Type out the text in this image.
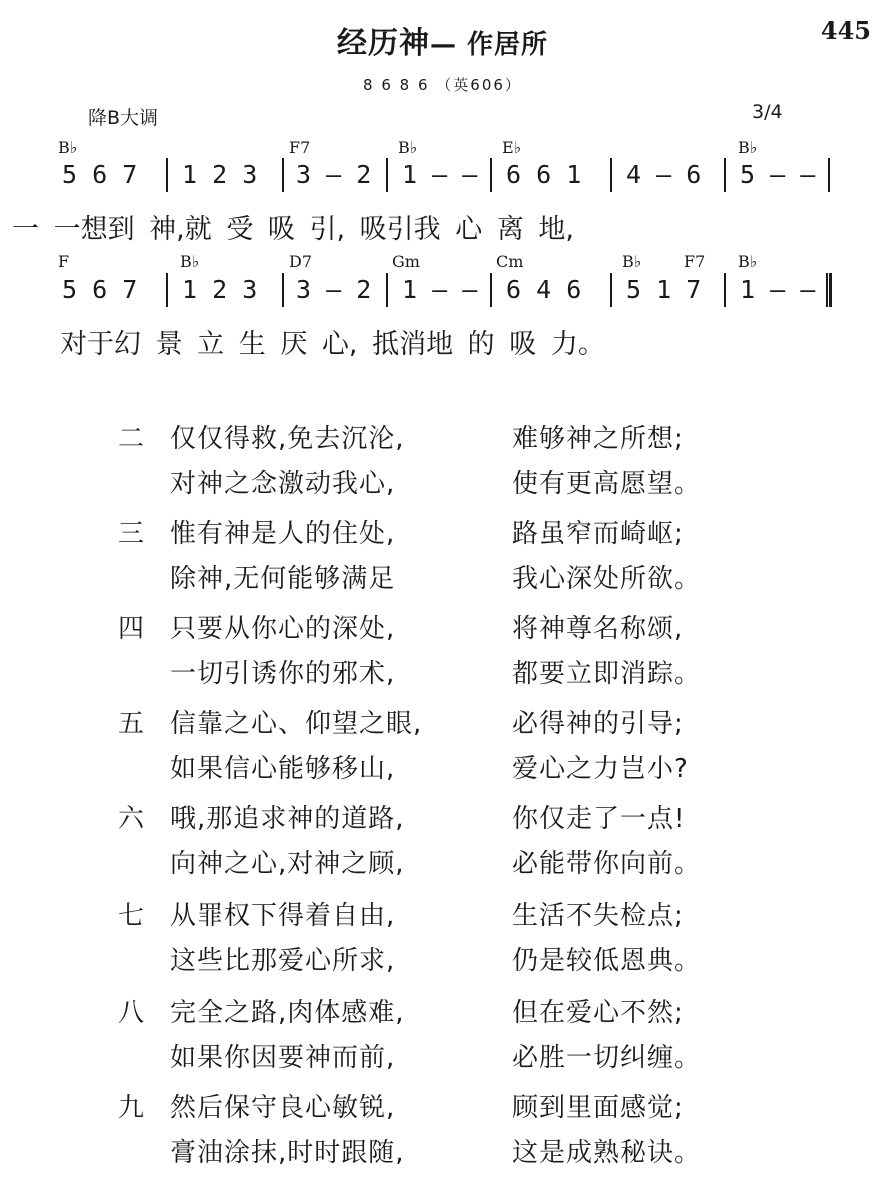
经历神— 作居所	445
8 6 8 6 （英606）
降B大调	3/4
B♭	F7	B♭	E♭	B♭
5 6 7 1 2 3 3 – 2 1 – – 6 6 1 4 – 6 5 – –
一 一想到 神,就 受 吸 引, 吸引我 心 离 地,
F	B♭	D7	Gm	Cm	B♭	F7 B♭
5 6 7 1 2 3 3 – 2 1 – – 6 4 6 5 1 7 1 – –
对于幻 景 立 生 厌 心, 抵消地 的 吸 力。
二 仅仅得救,免去沉沦,	难够神之所想;
对神之念激动我心,	使有更高愿望。
三 惟有神是人的住处,	路虽窄而崎岖;
除神,无何能够满足	我心深处所欲。
四 只要从你心的深处,	将神尊名称颂,
一切引诱你的邪术,	都要立即消踪。
五 信靠之心、仰望之眼,	必得神的引导;
如果信心能够移山,	爱心之力岂小?
六 哦,那追求神的道路,	你仅走了一点!
向神之心,对神之顾,	必能带你向前。
七 从罪权下得着自由,	生活不失检点;
这些比那爱心所求,	仍是较低恩典。
八 完全之路,肉体感难,	但在爱心不然;
如果你因要神而前,	必胜一切纠缠。
九 然后保守良心敏锐,	顾到里面感觉;
膏油涂抹,时时跟随,	这是成熟秘诀。
